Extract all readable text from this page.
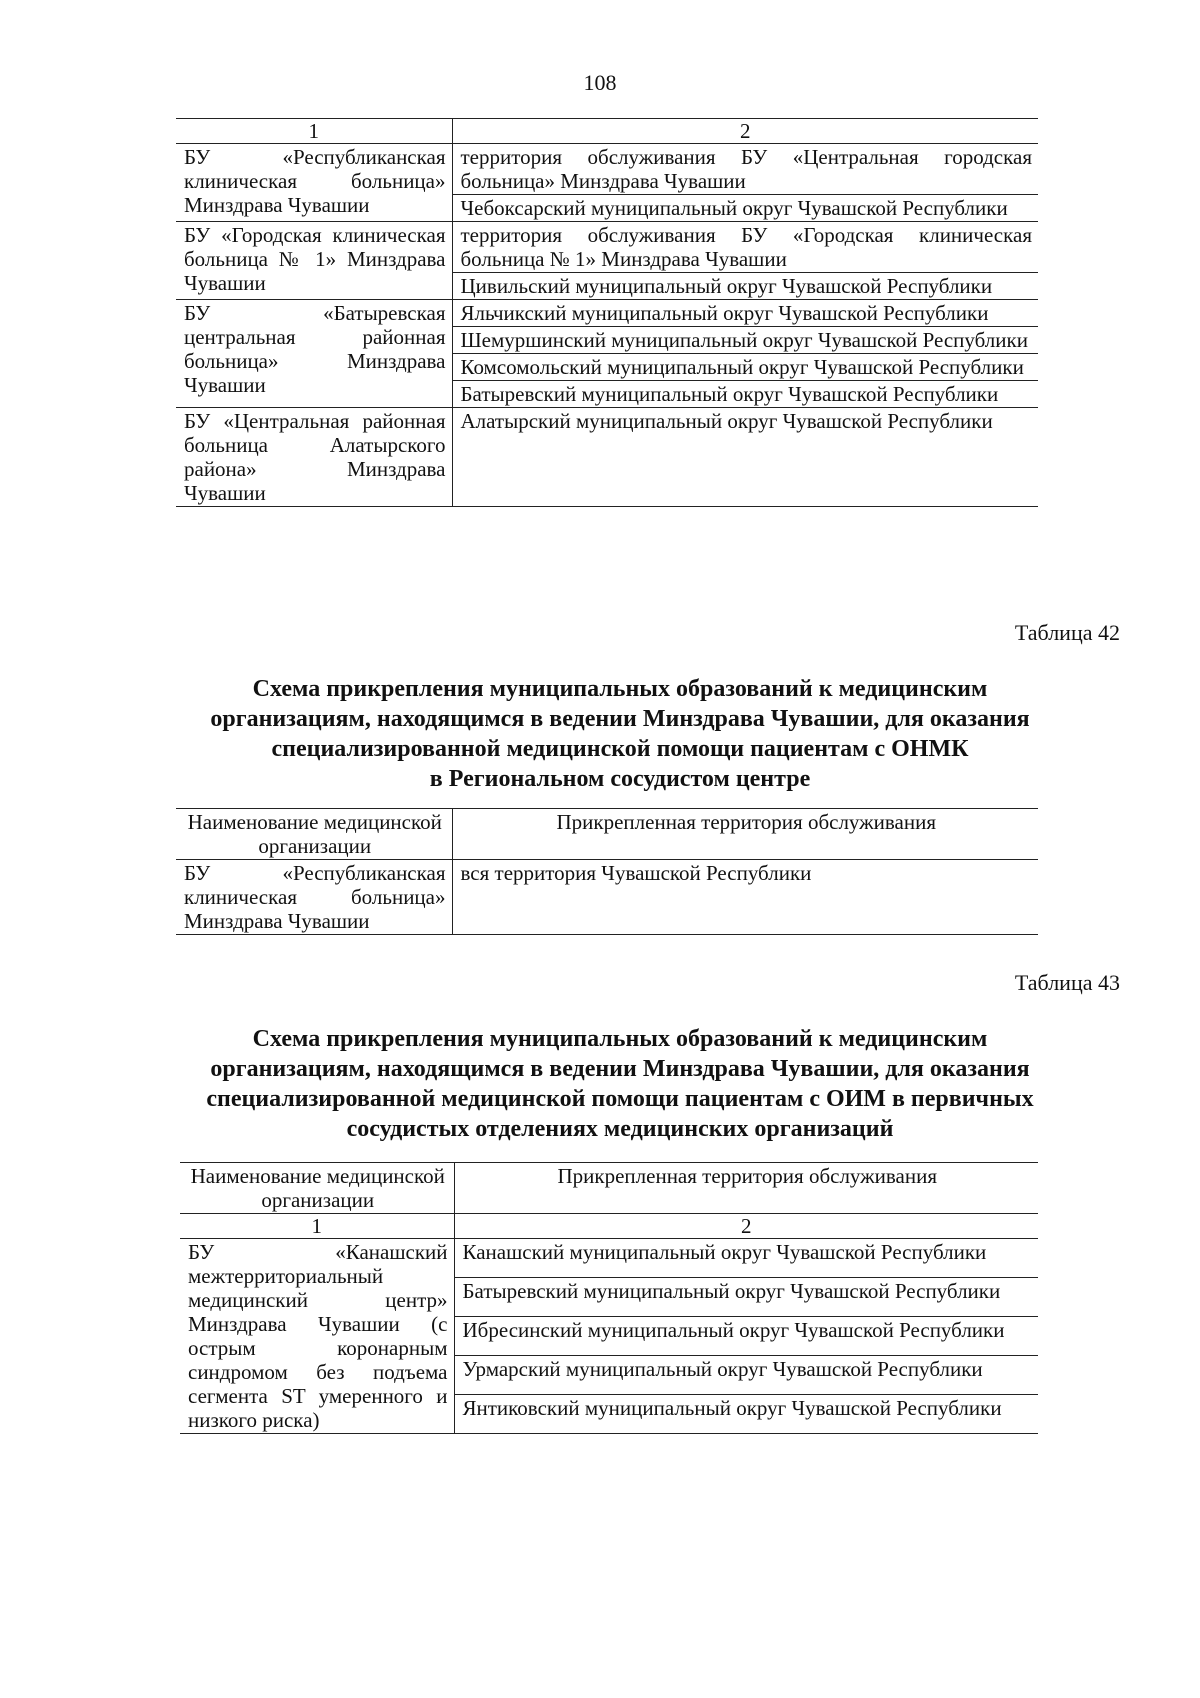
108
1	2
БУ «Республиканская клиническая больница» Минздрава Чувашии	территория обслуживания БУ «Центральная городская больница» Минздрава Чувашии
	Чебоксарский муниципальный округ Чувашской Республики
БУ «Городская клиническая больница № 1» Минздрава Чувашии	территория обслуживания БУ «Городская клиническая больница № 1» Минздрава Чувашии
	Цивильский муниципальный округ Чувашской Республики
БУ «Батыревская центральная районная больница» Минздрава Чувашии	Яльчикский муниципальный округ Чувашской Республики
	Шемуршинский муниципальный округ Чувашской Республики
	Комсомольский муниципальный округ Чувашской Республики
	Батыревский муниципальный округ Чувашской Республики
БУ «Центральная районная больница Алатырского района» Минздрава Чувашии	Алатырский муниципальный округ Чувашской Республики
Таблица 42
Схема прикрепления муниципальных образований к медицинским
организациям, находящимся в ведении Минздрава Чувашии, для оказания
специализированной медицинской помощи пациентам с ОНМК
в Региональном сосудистом центре
Наименование медицинской организации	Прикрепленная территория обслуживания
БУ «Республиканская клиническая больница» Минздрава Чувашии	вся территория Чувашской Республики
Таблица 43
Схема прикрепления муниципальных образований к медицинским
организациям, находящимся в ведении Минздрава Чувашии, для оказания
специализированной медицинской помощи пациентам с ОИМ в первичных
сосудистых отделениях медицинских организаций
Наименование медицинской организации	Прикрепленная территория обслуживания
1	2
БУ «Канашский межтерриториальный медицинский центр» Минздрава Чувашии (с острым коронарным синдромом без подъема сегмента ST умеренного и низкого риска)	Канашский муниципальный округ Чувашской Республики
	Батыревский муниципальный округ Чувашской Республики
	Ибресинский муниципальный округ Чувашской Республики
	Урмарский муниципальный округ Чувашской Республики
	Янтиковский муниципальный округ Чувашской Республики
